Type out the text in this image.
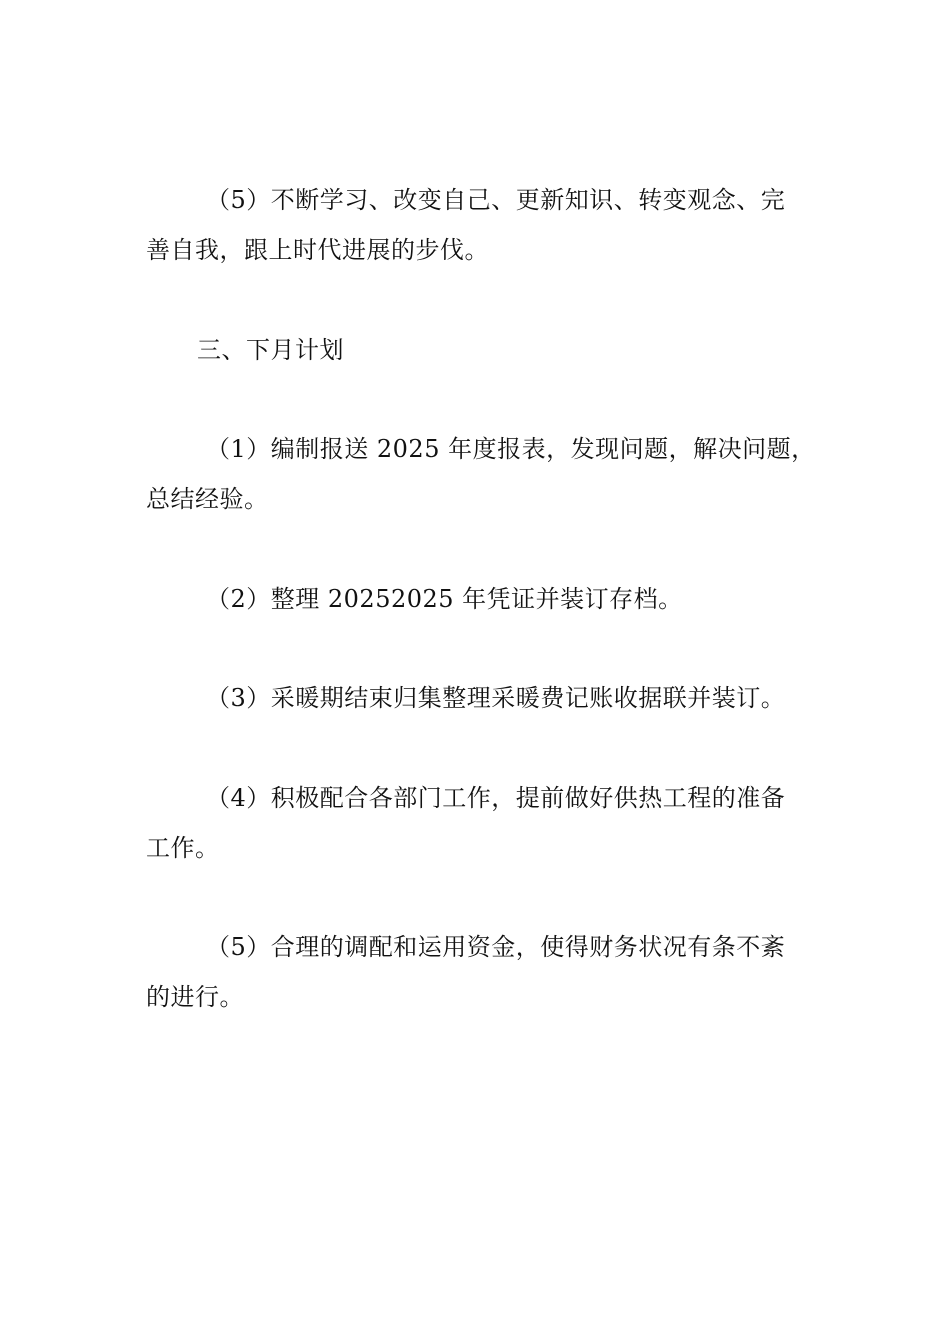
（5）不断学习、改变自己、更新知识、转变观念、完
善自我，跟上时代进展的步伐。
三、下月计划
（1）编制报送 2025 年度报表，发现问题，解决问题，
总结经验。
（2）整理 20252025 年凭证并装订存档。
（3）采暖期结束归集整理采暖费记账收据联并装订。
（4）积极配合各部门工作，提前做好供热工程的准备
工作。
（5）合理的调配和运用资金，使得财务状况有条不紊
的进行。
